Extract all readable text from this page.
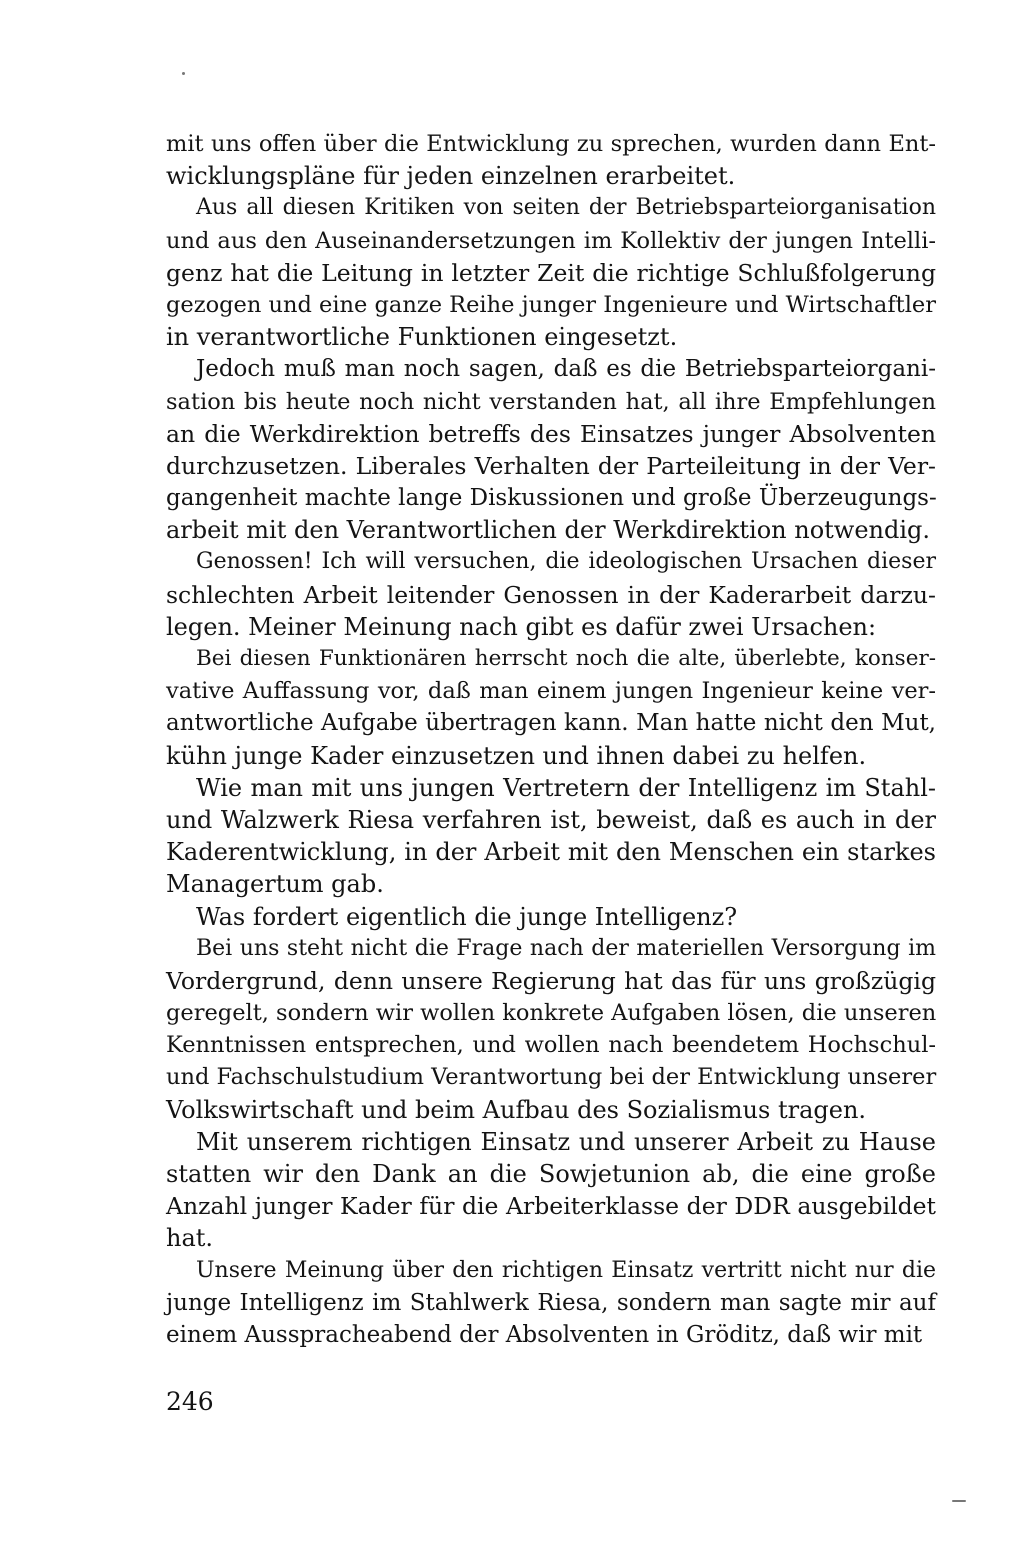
mit uns offen über die Entwicklung zu sprechen, wurden dann Ent-
wicklungspläne für jeden einzelnen erarbeitet.
Aus all diesen Kritiken von seiten der Betriebsparteiorganisation
und aus den Auseinandersetzungen im Kollektiv der jungen Intelli-
genz hat die Leitung in letzter Zeit die richtige Schlußfolgerung
gezogen und eine ganze Reihe junger Ingenieure und Wirtschaftler
in verantwortliche Funktionen eingesetzt.
Jedoch muß man noch sagen, daß es die Betriebsparteiorgani-
sation bis heute noch nicht verstanden hat, all ihre Empfehlungen
an die Werkdirektion betreffs des Einsatzes junger Absolventen
durchzusetzen. Liberales Verhalten der Parteileitung in der Ver-
gangenheit machte lange Diskussionen und große Überzeugungs-
arbeit mit den Verantwortlichen der Werkdirektion notwendig.
Genossen! Ich will versuchen, die ideologischen Ursachen dieser
schlechten Arbeit leitender Genossen in der Kaderarbeit darzu-
legen. Meiner Meinung nach gibt es dafür zwei Ursachen:
Bei diesen Funktionären herrscht noch die alte, überlebte, konser-
vative Auffassung vor, daß man einem jungen Ingenieur keine ver-
antwortliche Aufgabe übertragen kann. Man hatte nicht den Mut,
kühn junge Kader einzusetzen und ihnen dabei zu helfen.
Wie man mit uns jungen Vertretern der Intelligenz im Stahl-
und Walzwerk Riesa verfahren ist, beweist, daß es auch in der
Kaderentwicklung, in der Arbeit mit den Menschen ein starkes
Managertum gab.
Was fordert eigentlich die junge Intelligenz?
Bei uns steht nicht die Frage nach der materiellen Versorgung im
Vordergrund, denn unsere Regierung hat das für uns großzügig
geregelt, sondern wir wollen konkrete Aufgaben lösen, die unseren
Kenntnissen entsprechen, und wollen nach beendetem Hochschul-
und Fachschulstudium Verantwortung bei der Entwicklung unserer
Volkswirtschaft und beim Aufbau des Sozialismus tragen.
Mit unserem richtigen Einsatz und unserer Arbeit zu Hause
statten wir den Dank an die Sowjetunion ab, die eine große
Anzahl junger Kader für die Arbeiterklasse der DDR ausgebildet
hat.
Unsere Meinung über den richtigen Einsatz vertritt nicht nur die
junge Intelligenz im Stahlwerk Riesa, sondern man sagte mir auf
einem Ausspracheabend der Absolventen in Gröditz, daß wir mit
246
